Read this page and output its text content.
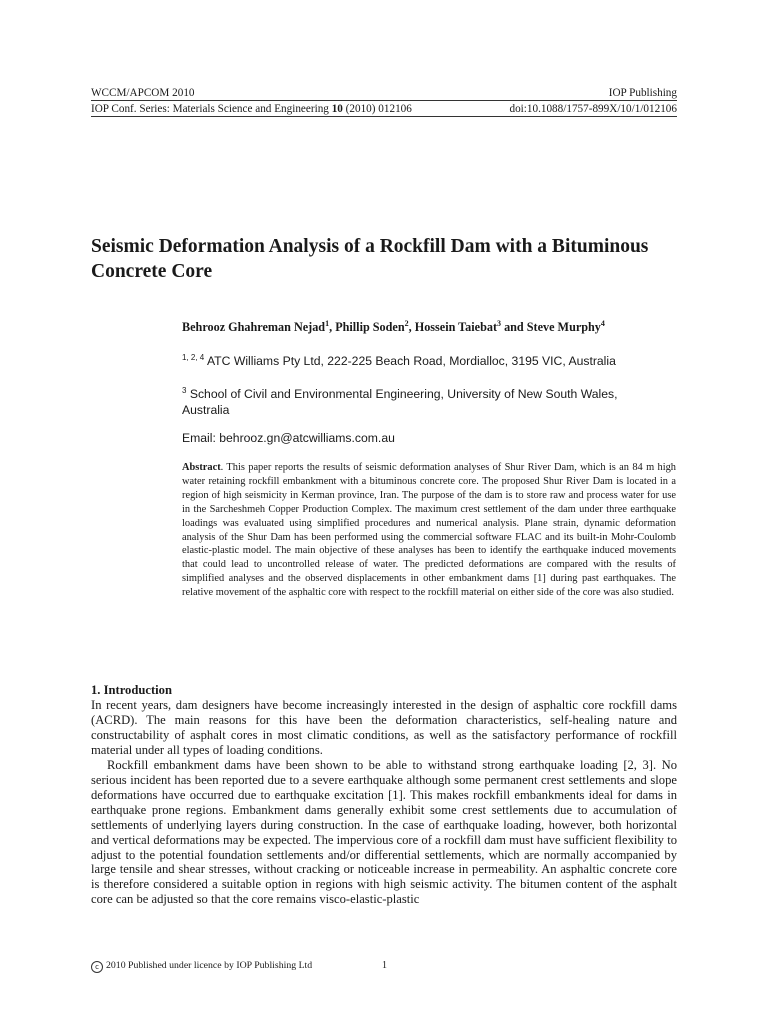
WCCM/APCOM 2010	IOP Publishing
IOP Conf. Series: Materials Science and Engineering 10 (2010) 012106	doi:10.1088/1757-899X/10/1/012106
Seismic Deformation Analysis of a Rockfill Dam with a Bituminous Concrete Core
Behrooz Ghahreman Nejad$^1$, Phillip Soden$^2$, Hossein Taiebat$^3$ and Steve Murphy$^4$
$^{1, 2, 4}$ ATC Williams Pty Ltd, 222-225 Beach Road, Mordialloc, 3195 VIC, Australia
$^3$ School of Civil and Environmental Engineering, University of New South Wales, Australia
Email: behrooz.gn@atcwilliams.com.au
Abstract. This paper reports the results of seismic deformation analyses of Shur River Dam, which is an 84 m high water retaining rockfill embankment with a bituminous concrete core. The proposed Shur River Dam is located in a region of high seismicity in Kerman province, Iran. The purpose of the dam is to store raw and process water for use in the Sarcheshmeh Copper Production Complex. The maximum crest settlement of the dam under three earthquake loadings was evaluated using simplified procedures and numerical analysis. Plane strain, dynamic deformation analysis of the Shur Dam has been performed using the commercial software FLAC and its built-in Mohr-Coulomb elastic-plastic model. The main objective of these analyses has been to identify the earthquake induced movements that could lead to uncontrolled release of water. The predicted deformations are compared with the results of simplified analyses and the observed displacements in other embankment dams [1] during past earthquakes. The relative movement of the asphaltic core with respect to the rockfill material on either side of the core was also studied.
1. Introduction

In recent years, dam designers have become increasingly interested in the design of asphaltic core rockfill dams (ACRD). The main reasons for this have been the deformation characteristics, self-healing nature and constructability of asphalt cores in most climatic conditions, as well as the satisfactory performance of rockfill material under all types of loading conditions.

Rockfill embankment dams have been shown to be able to withstand strong earthquake loading [2, 3]. No serious incident has been reported due to a severe earthquake although some permanent crest settlements and slope deformations have occurred due to earthquake excitation [1]. This makes rockfill embankments ideal for dams in earthquake prone regions. Embankment dams generally exhibit some crest settlements due to accumulation of settlements of underlying layers during construction. In the case of earthquake loading, however, both horizontal and vertical deformations may be expected. The impervious core of a rockfill dam must have sufficient flexibility to adjust to the potential foundation settlements and/or differential settlements, which are normally accompanied by large tensile and shear stresses, without cracking or noticeable increase in permeability. An asphaltic concrete core is therefore considered a suitable option in regions with high seismic activity. The bitumen content of the asphalt core can be adjusted so that the core remains visco-elastic-plastic

c 2010 Published under licence by IOP Publishing Ltd	1
